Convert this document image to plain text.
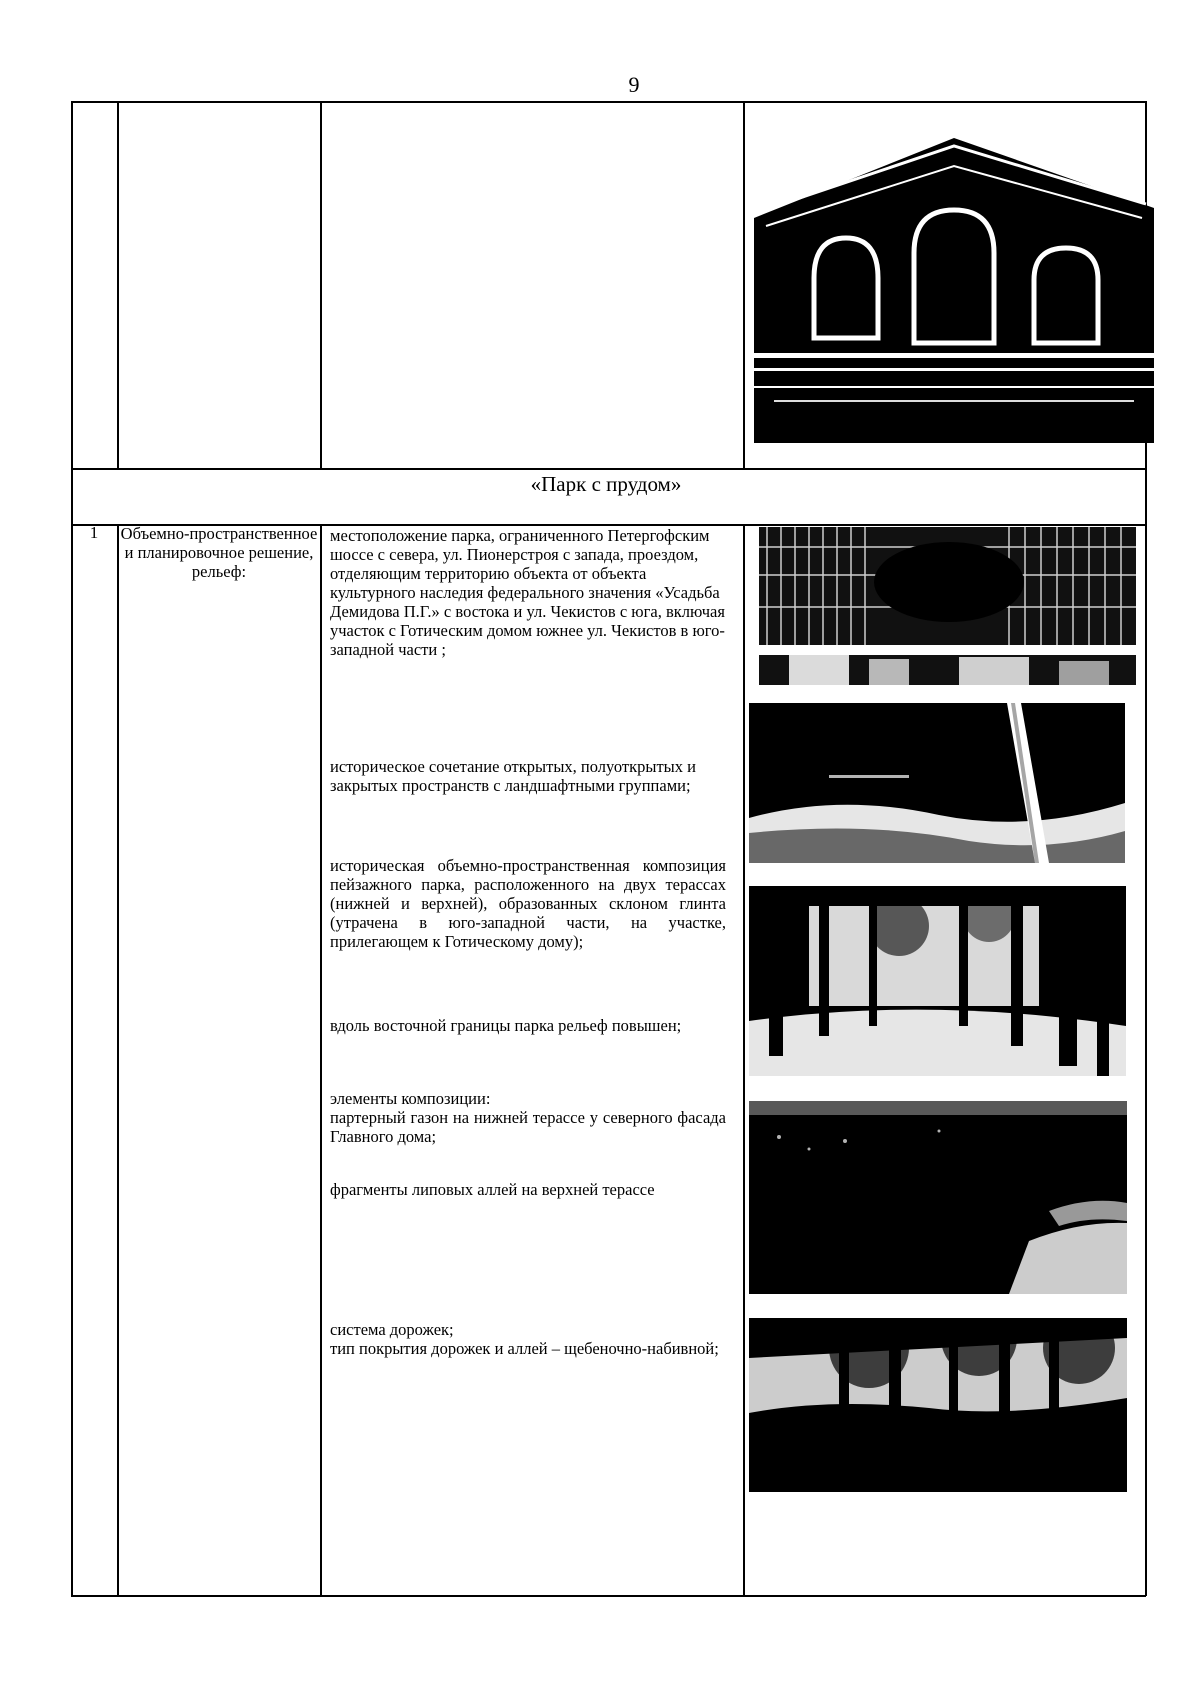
9
«Парк с прудом»
1	Объемно-пространственное и планировочное решение, рельеф:
местоположение парка, ограниченного Петергофским шоссе с севера, ул. Пионерстроя с запада, проездом, отделяющим территорию объекта от объекта культурного наследия федерального значения «Усадьба Демидова П.Г.» с востока и ул. Чекистов с юга, включая участок с Готическим домом южнее ул. Чекистов в юго-западной части ;
историческое сочетание открытых, полуоткрытых и закрытых пространств с ландшафтными группами;
историческая объемно-пространственная композиция пейзажного парка, расположенного на двух терассах (нижней и верхней), образованных склоном глинта (утрачена в юго-западной части, на участке, прилегающем к Готическому дому);
вдоль восточной границы парка рельеф повышен;
элементы композиции:
партерный газон на нижней терассе у северного фасада Главного дома;
фрагменты липовых аллей на верхней терассе
система дорожек;
тип покрытия дорожек и аллей – щебеночно-набивной;
